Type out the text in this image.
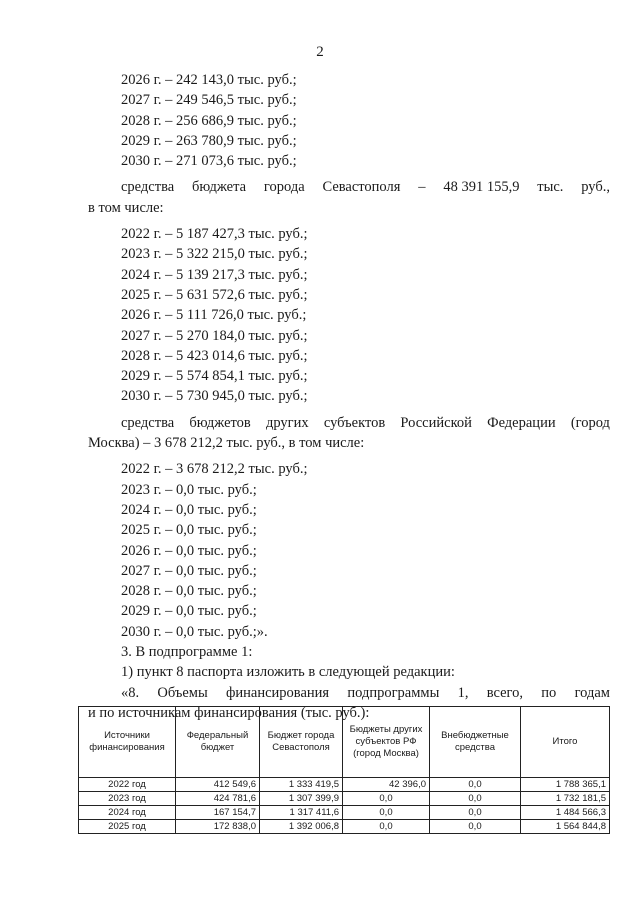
2
2026 г. – 242 143,0 тыс. руб.;
2027 г. – 249 546,5 тыс. руб.;
2028 г. – 256 686,9 тыс. руб.;
2029 г. – 263 780,9 тыс. руб.;
2030 г. – 271 073,6 тыс. руб.;
средства бюджета города Севастополя – 48 391 155,9 тыс. руб.,
в том числе:
2022 г. – 5 187 427,3 тыс. руб.;
2023 г. – 5 322 215,0 тыс. руб.;
2024 г. – 5 139 217,3 тыс. руб.;
2025 г. – 5 631 572,6 тыс. руб.;
2026 г. – 5 111 726,0 тыс. руб.;
2027 г. – 5 270 184,0 тыс. руб.;
2028 г. – 5 423 014,6 тыс. руб.;
2029 г. – 5 574 854,1 тыс. руб.;
2030 г. – 5 730 945,0 тыс. руб.;
средства бюджетов других субъектов Российской Федерации (город
Москва) – 3 678 212,2 тыс. руб., в том числе:
2022 г. – 3 678 212,2 тыс. руб.;
2023 г. – 0,0 тыс. руб.;
2024 г. – 0,0 тыс. руб.;
2025 г. – 0,0 тыс. руб.;
2026 г. – 0,0 тыс. руб.;
2027 г. – 0,0 тыс. руб.;
2028 г. – 0,0 тыс. руб.;
2029 г. – 0,0 тыс. руб.;
2030 г. – 0,0 тыс. руб.;».
3. В подпрограмме 1:
1) пункт 8 паспорта изложить в следующей редакции:
«8. Объемы финансирования подпрограммы 1, всего, по годам
и по источникам финансирования (тыс. руб.):
Источники финансирования	Федеральный бюджет	Бюджет города Севастополя	Бюджеты других субъектов РФ (город Москва)	Внебюджетные средства	Итого
2022 год	412 549,6	1 333 419,5	42 396,0	0,0	1 788 365,1
2023 год	424 781,6	1 307 399,9	0,0	0,0	1 732 181,5
2024 год	167 154,7	1 317 411,6	0,0	0,0	1 484 566,3
2025 год	172 838,0	1 392 006,8	0,0	0,0	1 564 844,8
